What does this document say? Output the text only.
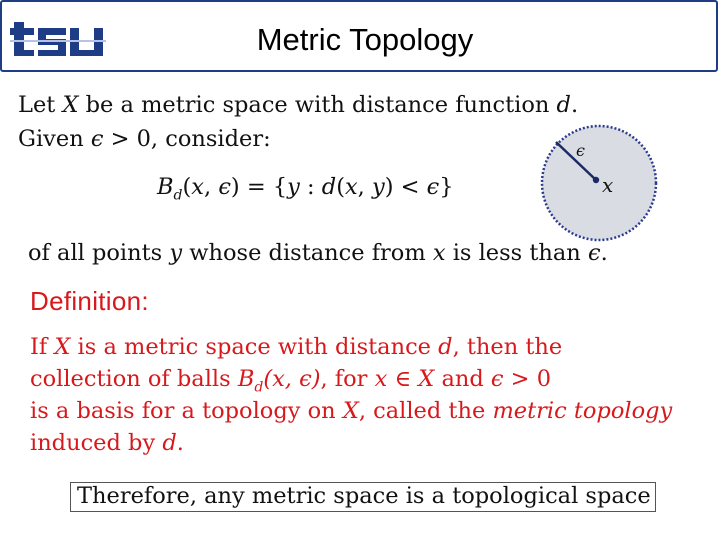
tsu
Metric Topology
Let X be a metric space with distance function d.
Given ϵ > 0, consider:
$B_d(x$, ϵ) = {y : d(x, y) < ϵ}
ϵ
x
of all points y whose distance from x is less than ϵ.
Definition:
If X is a metric space with distance d, then the
collection of balls $B_d(x$, ϵ), for x ∈ X and ϵ > 0
is a basis for a topology on X, called the metric topology
induced by d.
Therefore, any metric space is a topological space
